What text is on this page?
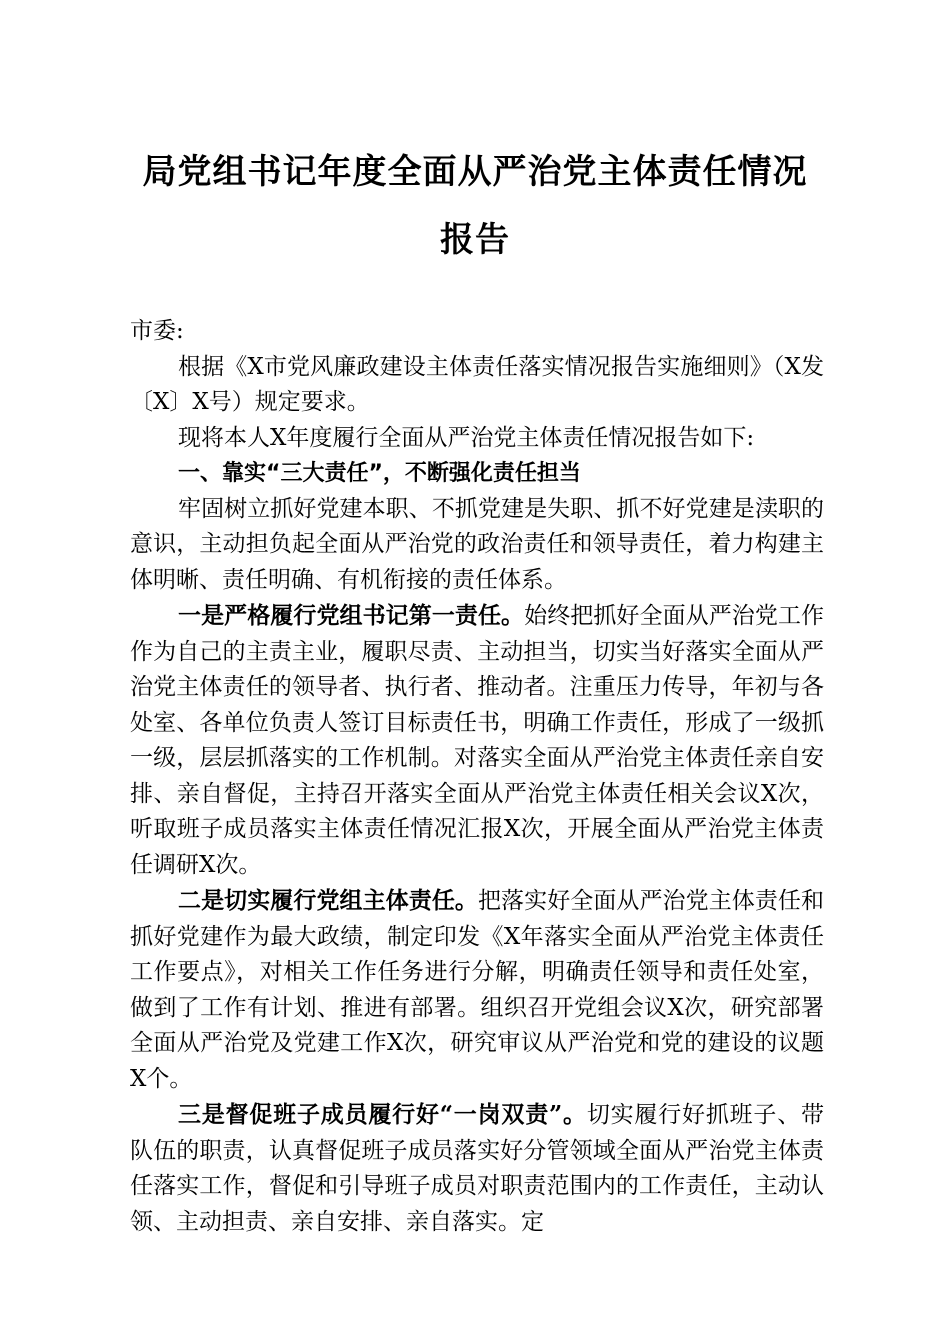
局党组书记年度全面从严治党主体责任情况
报告

市委:

根据《X市党风廉政建设主体责任落实情况报告实施细则》（X发〔X〕X号）规定要求。

现将本人X年度履行全面从严治党主体责任情况报告如下:

一、靠实“三大责任”，不断强化责任担当

牢固树立抓好党建本职、不抓党建是失职、抓不好党建是渎职的意识，主动担负起全面从严治党的政治责任和领导责任，着力构建主体明晰、责任明确、有机衔接的责任体系。

一是严格履行党组书记第一责任。始终把抓好全面从严治党工作作为自己的主责主业，履职尽责、主动担当，切实当好落实全面从严治党主体责任的领导者、执行者、推动者。注重压力传导，年初与各处室、各单位负责人签订目标责任书，明确工作责任，形成了一级抓一级，层层抓落实的工作机制。对落实全面从严治党主体责任亲自安排、亲自督促，主持召开落实全面从严治党主体责任相关会议X次，听取班子成员落实主体责任情况汇报X次，开展全面从严治党主体责任调研X次。

二是切实履行党组主体责任。把落实好全面从严治党主体责任和抓好党建作为最大政绩，制定印发《X年落实全面从严治党主体责任工作要点》，对相关工作任务进行分解，明确责任领导和责任处室，做到了工作有计划、推进有部署。组织召开党组会议X次，研究部署全面从严治党及党建工作X次，研究审议从严治党和党的建设的议题X个。

三是督促班子成员履行好“一岗双责”。切实履行好抓班子、带队伍的职责，认真督促班子成员落实好分管领域全面从严治党主体责任落实工作，督促和引导班子成员对职责范围内的工作责任，主动认领、主动担责、亲自安排、亲自落实。定
